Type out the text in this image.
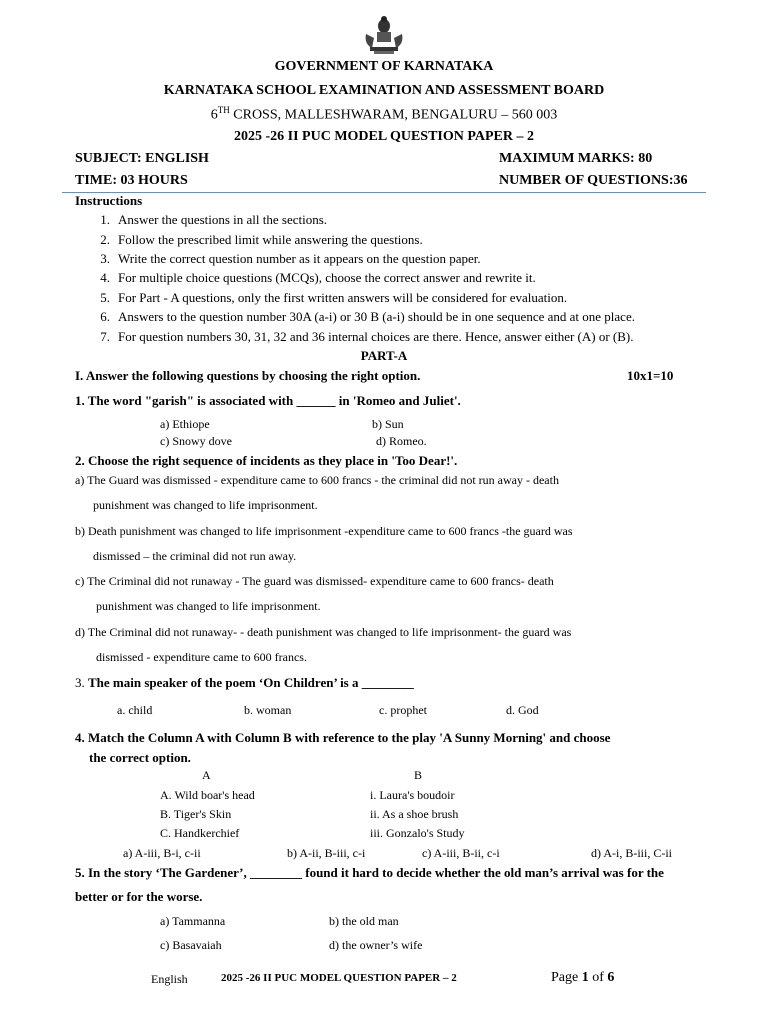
GOVERNMENT OF KARNATAKA
KARNATAKA SCHOOL EXAMINATION AND ASSESSMENT BOARD
6TH CROSS, MALLESHWARAM, BENGALURU – 560 003
2025 -26 II PUC MODEL QUESTION PAPER – 2
SUBJECT: ENGLISH	MAXIMUM MARKS: 80
TIME: 03 HOURS	NUMBER OF QUESTIONS:36
Instructions
1. Answer the questions in all the sections.
2. Follow the prescribed limit while answering the questions.
3. Write the correct question number as it appears on the question paper.
4. For multiple choice questions (MCQs), choose the correct answer and rewrite it.
5. For Part - A questions, only the first written answers will be considered for evaluation.
6. Answers to the question number 30A (a-i) or 30 B (a-i) should be in one sequence and at one place.
7. For question numbers 30, 31, 32 and 36 internal choices are there. Hence, answer either (A) or (B).
PART-A
I. Answer the following questions by choosing the right option.	10x1=10
1. The word "garish" is associated with ______ in 'Romeo and Juliet'.
a) Ethiope	b) Sun
c) Snowy dove	d) Romeo.
2. Choose the right sequence of incidents as they place in 'Too Dear!'.
a) The Guard was dismissed - expenditure came to 600 francs - the criminal did not run away - death
punishment was changed to life imprisonment.
b) Death punishment was changed to life imprisonment -expenditure came to 600 francs -the guard was
dismissed – the criminal did not run away.
c) The Criminal did not runaway - The guard was dismissed- expenditure came to 600 francs- death
punishment was changed to life imprisonment.
d) The Criminal did not runaway- - death punishment was changed to life imprisonment- the guard was
dismissed - expenditure came to 600 francs.
3. The main speaker of the poem ‘On Children’ is a ________
a. child	b. woman	c. prophet	d. God
4. Match the Column A with Column B with reference to the play 'A Sunny Morning' and choose
the correct option.
A	B
A. Wild boar's head	i. Laura's boudoir
B. Tiger's Skin	ii. As a shoe brush
C. Handkerchief	iii. Gonzalo's Study
a) A-iii, B-i, c-ii	b) A-ii, B-iii, c-i	c) A-iii, B-ii, c-i	d) A-i, B-iii, C-ii
5. In the story ‘The Gardener’, ________ found it hard to decide whether the old man’s arrival was for the
better or for the worse.
a) Tammanna	b) the old man
c) Basavaiah	d) the owner’s wife
English	2025 -26 II PUC MODEL QUESTION PAPER – 2	Page 1 of 6
